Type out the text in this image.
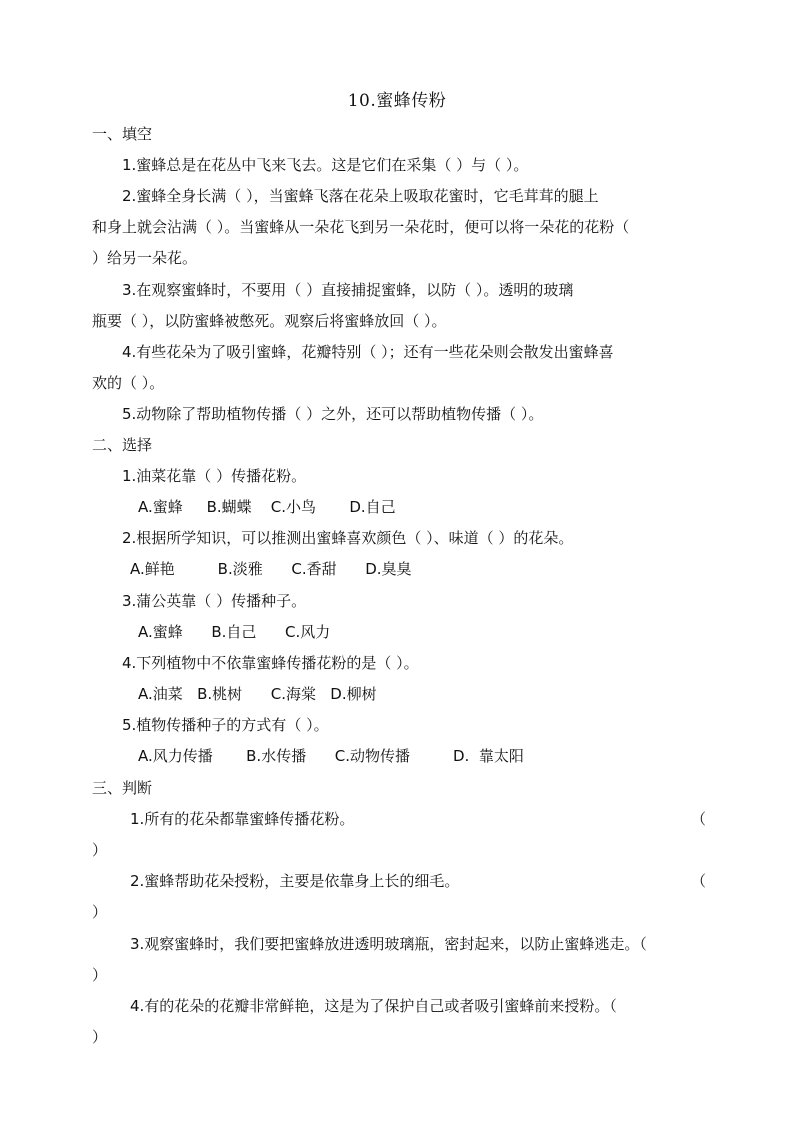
10.蜜蜂传粉
一、填空
1.蜜蜂总是在花丛中飞来飞去。这是它们在采集（ ）与（ ）。
2.蜜蜂全身长满（ ），当蜜蜂飞落在花朵上吸取花蜜时，它毛茸茸的腿上
和身上就会沾满（ ）。当蜜蜂从一朵花飞到另一朵花时，便可以将一朵花的花粉（
）给另一朵花。
3.在观察蜜蜂时，不要用（ ）直接捕捉蜜蜂，以防（ ）。透明的玻璃
瓶要（ ），以防蜜蜂被憋死。观察后将蜜蜂放回（ ）。
4.有些花朵为了吸引蜜蜂，花瓣特别（ ）；还有一些花朵则会散发出蜜蜂喜
欢的（ ）。
5.动物除了帮助植物传播（ ）之外，还可以帮助植物传播（ ）。
二、选择
1.油菜花靠（ ）传播花粉。
A.蜜蜂     B.蝴蝶    C.小鸟       D.自己
2.根据所学知识，可以推测出蜜蜂喜欢颜色（ ）、味道（ ）的花朵。
A.鲜艳         B.淡雅      C.香甜      D.臭臭
3.蒲公英靠（ ）传播种子。
A.蜜蜂      B.自己      C.风力
4.下列植物中不依靠蜜蜂传播花粉的是（ ）。
A.油菜   B.桃树      C.海棠   D.柳树
5.植物传播种子的方式有（ ）。
A.风力传播       B.水传播      C.动物传播         D.  靠太阳
三、判断
1.所有的花朵都靠蜜蜂传播花粉。	（
）
2.蜜蜂帮助花朵授粉，主要是依靠身上长的细毛。	（
）
3.观察蜜蜂时，我们要把蜜蜂放进透明玻璃瓶，密封起来，以防止蜜蜂逃走。（
）
4.有的花朵的花瓣非常鲜艳，这是为了保护自己或者吸引蜜蜂前来授粉。（
）
